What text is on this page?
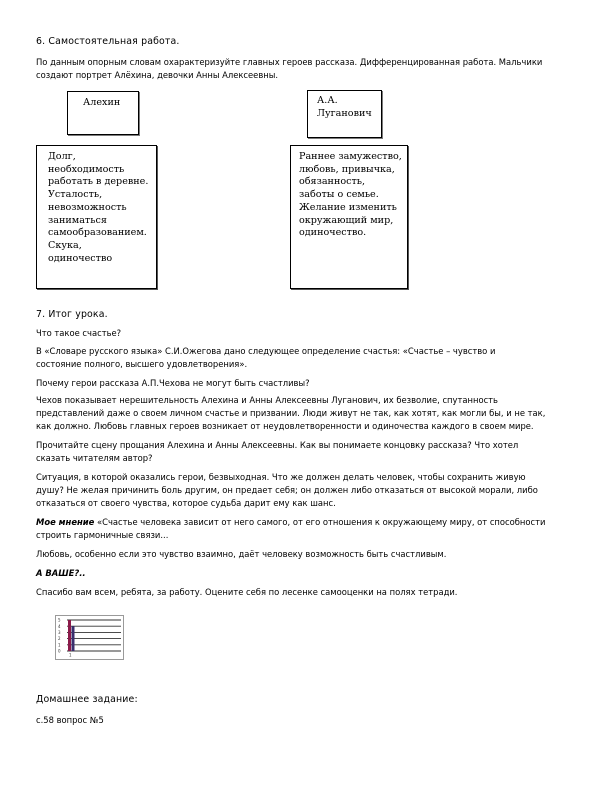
6. Самостоятельная работа.
По данным опорным словам охарактеризуйте главных героев рассказа. Дифференцированная работа. Мальчики
создают портрет Алёхина, девочки Анны Алексеевны.
Алехин
Долг,
необходимость
работать в деревне.
Усталость,
невозможность
заниматься
самообразованием.
Скука,
одиночество
А.А.
Луганович
Раннее замужество,
любовь, привычка,
обязанность,
заботы о семье.
Желание изменить
окружающий мир,
одиночество.
7. Итог урока.
Что такое счастье?
В «Словаре русского языка» С.И.Ожегова дано следующее определение счастья: «Счастье – чувство и
состояние полного, высшего удовлетворения».
Почему герои рассказа А.П.Чехова не могут быть счастливы?
Чехов показывает нерешительность Алехина и Анны Алексеевны Луганович, их безволие, спутанность
представлений даже о своем личном счастье и призвании. Люди живут не так, как хотят, как могли бы, и не так,
как должно. Любовь главных героев возникает от неудовлетворенности и одиночества каждого в своем мире.
Прочитайте сцену прощания Алехина и Анны Алексеевны. Как вы понимаете концовку рассказа? Что хотел
сказать читателям автор?
Ситуация, в которой оказались герои, безвыходная. Что же должен делать человек, чтобы сохранить живую
душу? Не желая причинить боль другим, он предает себя; он должен либо отказаться от высокой морали, либо
отказаться от своего чувства, которое судьба дарит ему как шанс.
Мое мнение «Счастье человека зависит от него самого, от его отношения к окружающему миру, от способности
строить гармоничные связи...
Любовь, особенно если это чувство взаимно, даёт человеку возможность быть счастливым.
А ВАШЕ?..
Спасибо вам всем, ребята, за работу. Оцените себя по лесенке самооценки на полях тетради.
5
4
3
2
1
0
1
Домашнее задание:
с.58 вопрос №5
